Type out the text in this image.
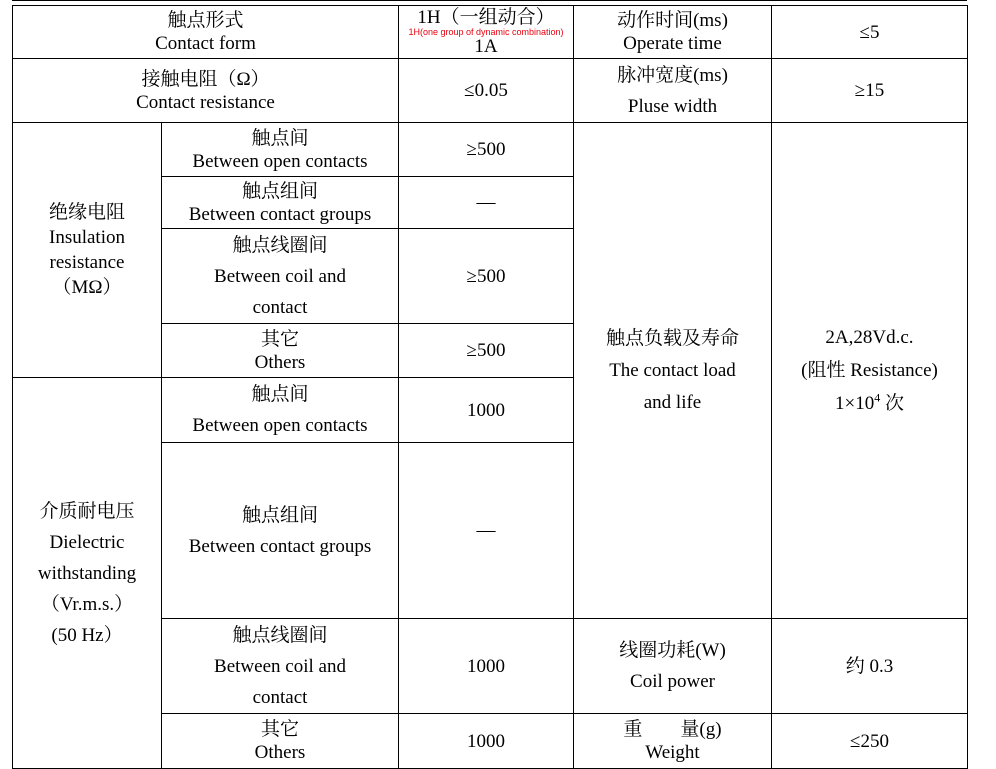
触点形式
Contact form		1H（一组动合）
1H(one group of dynamic combination)
1A	动作时间(ms)
Operate time	≤5	

接触电阻（Ω）
Contact resistance		≤0.05	脉冲宽度(ms)
Pluse width	≥15	

绝缘电阻
Insulation
resistance
（MΩ）	触点间
Between open contacts	≥500	触点负载及寿命
The contact load
and life	2A,28Vd.c.
(阻性 Resistance)
$1\times 10^4$ 次	

	触点组间
Between contact groups	—			

	触点线圈间
Between coil and
contact	≥500			

	其它
Others	≥500			

介质耐电压
Dielectric
withstanding
（Vr.m.s.）
(50 Hz）	触点间
Between open contacts	1000			

	触点组间
Between contact groups	—	

	触点线圈间
Between coil and
contact	1000	线圈功耗(W)
Coil power	约 0.3	

	其它
Others	1000	重　　量(g)
Weight	≤250	
